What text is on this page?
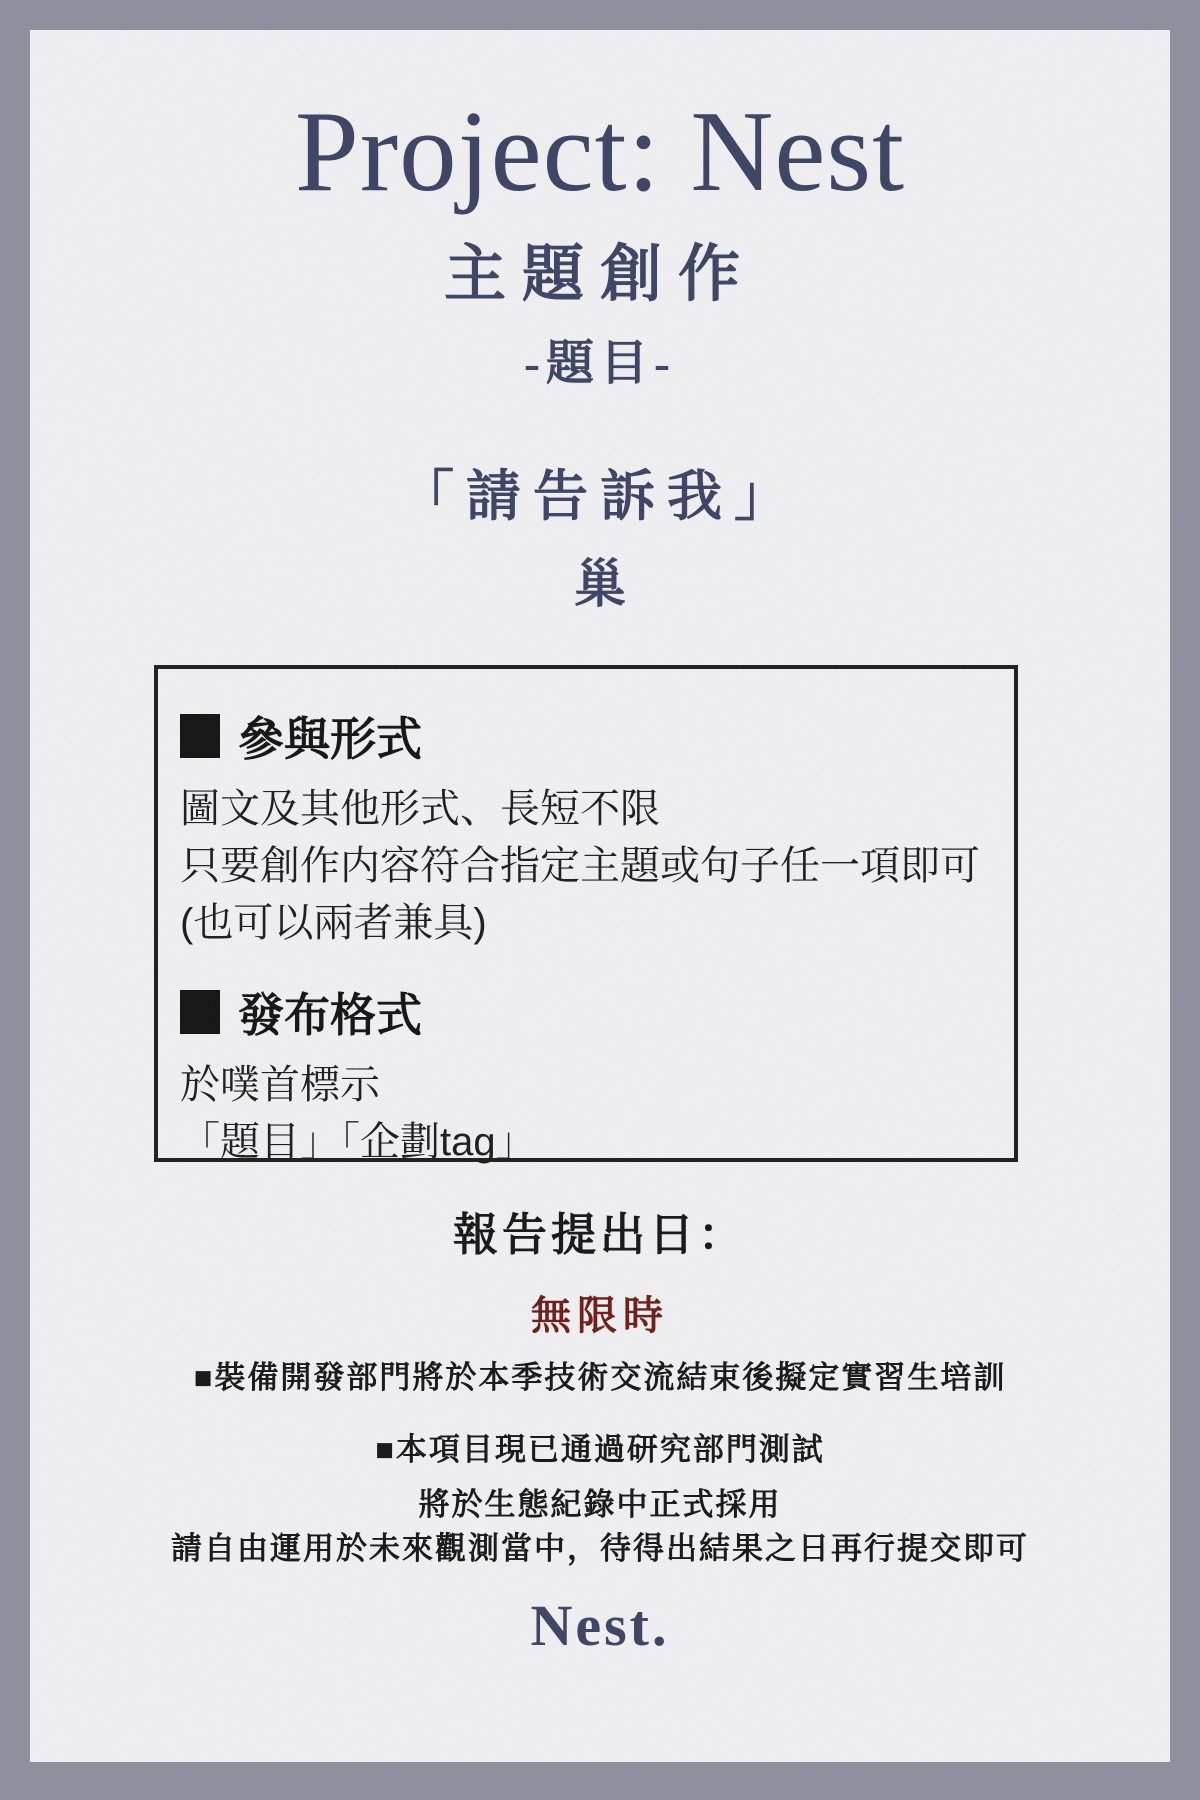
Project: Nest
主題創作
-題目-
「請告訴我」
巢
參與形式
圖文及其他形式、長短不限
只要創作内容符合指定主題或句子任一項即可
(也可以兩者兼具)
發布格式
於噗首標示
「題目」「企劃tag」
報告提出日：
無限時
■裝備開發部門將於本季技術交流結束後擬定實習生培訓
■本項目現已通過研究部門測試
將於生態紀錄中正式採用
請自由運用於未來觀測當中，待得出結果之日再行提交即可
Nest.
